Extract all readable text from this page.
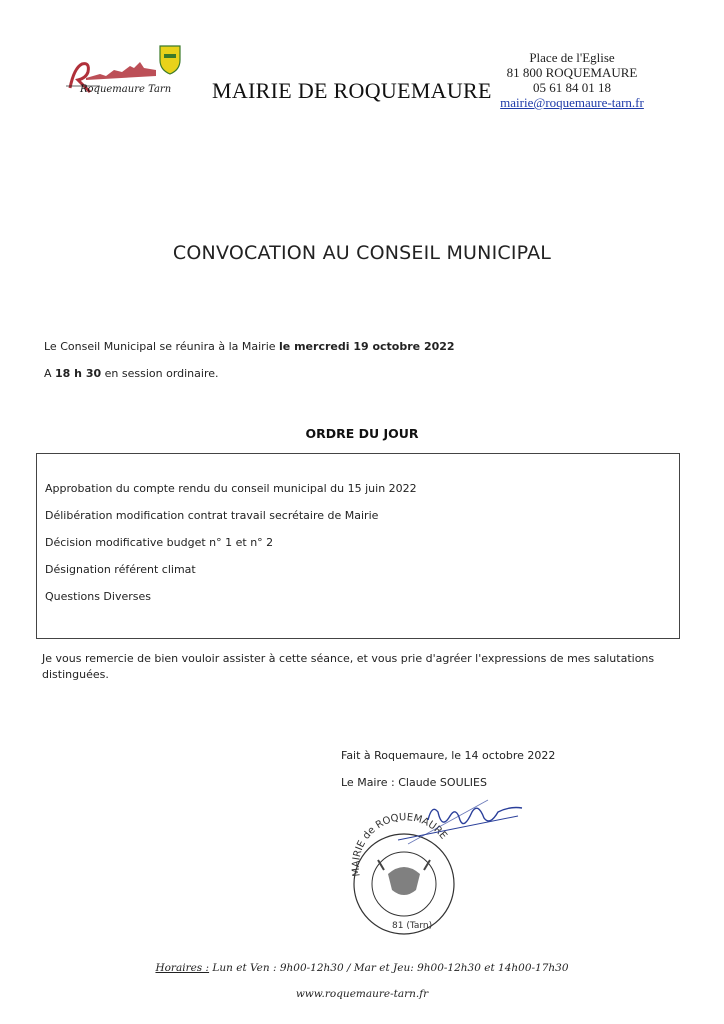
Roquemaure Tarn MAIRIE DE ROQUEMAURE
Place de l'Eglise
81 800 ROQUEMAURE
05 61 84 01 18
mairie@roquemaure-tarn.fr
CONVOCATION AU CONSEIL MUNICIPAL
Le Conseil Municipal se réunira à la Mairie le mercredi 19 octobre 2022
A 18 h 30 en session ordinaire.
ORDRE DU JOUR
Approbation du compte rendu du conseil municipal du 15 juin 2022
Délibération modification contrat travail secrétaire de Mairie
Décision modificative budget n° 1 et n° 2
Désignation référent climat
Questions Diverses
Je vous remercie de bien vouloir assister à cette séance, et vous prie d'agréer l'expressions de mes salutations distinguées.
Fait à Roquemaure, le 14 octobre 2022
Le Maire : Claude SOULIES
MAIRIE de ROQUEMAURE
81 (Tarn)
Horaires : Lun et Ven : 9h00-12h30 / Mar et Jeu: 9h00-12h30 et 14h00-17h30
www.roquemaure-tarn.fr
